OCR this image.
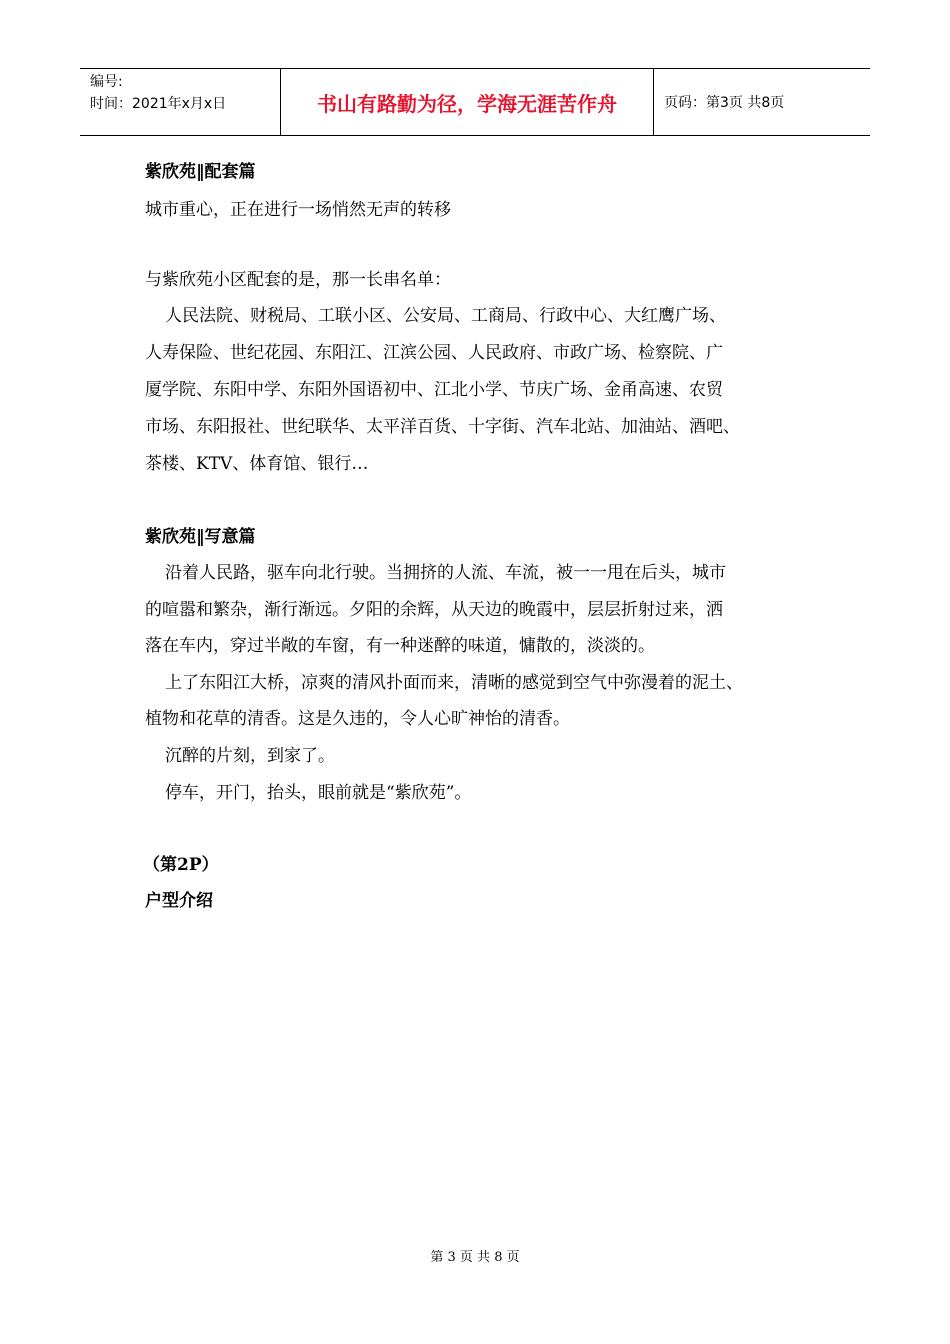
编号:
时间：2021年x月x日	书山有路勤为径，学海无涯苦作舟	页码：第3页 共8页
紫欣苑‖配套篇
城市重心，正在进行一场悄然无声的转移
与紫欣苑小区配套的是，那一长串名单：
人民法院、财税局、工联小区、公安局、工商局、行政中心、大红鹰广场、
人寿保险、世纪花园、东阳江、江滨公园、人民政府、市政广场、检察院、广
厦学院、东阳中学、东阳外国语初中、江北小学、节庆广场、金甬高速、农贸
市场、东阳报社、世纪联华、太平洋百货、十字街、汽车北站、加油站、酒吧、
茶楼、KTV、体育馆、银行…
紫欣苑‖写意篇
沿着人民路，驱车向北行驶。当拥挤的人流、车流，被一一甩在后头，城市
的喧嚣和繁杂，渐行渐远。夕阳的余辉，从天边的晚霞中，层层折射过来，洒
落在车内，穿过半敞的车窗，有一种迷醉的味道，慵散的，淡淡的。
上了东阳江大桥，凉爽的清风扑面而来，清晰的感觉到空气中弥漫着的泥土、
植物和花草的清香。这是久违的，令人心旷神怡的清香。
沉醉的片刻，到家了。
停车，开门，抬头，眼前就是“紫欣苑”。
（第2P）
户型介绍
第 3 页 共 8 页
